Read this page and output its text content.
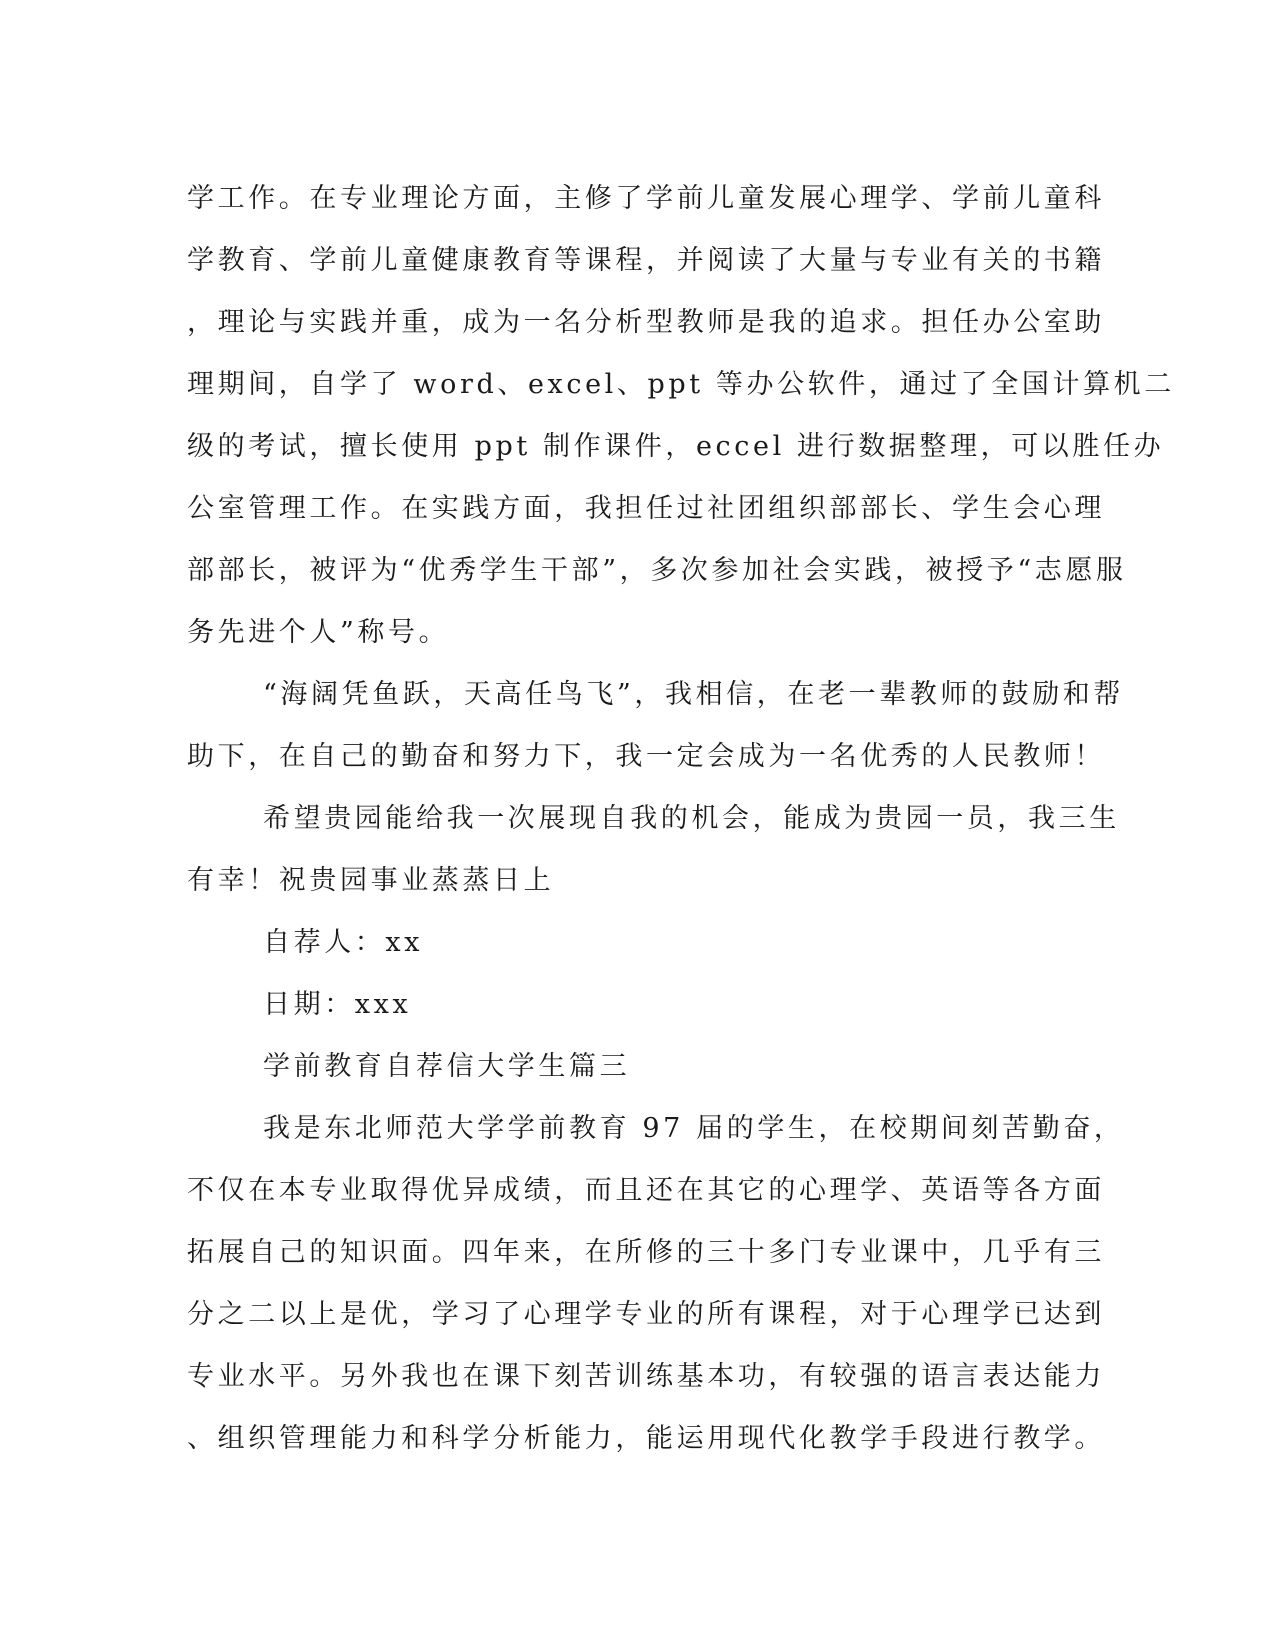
学工作。在专业理论方面，主修了学前儿童发展心理学、学前儿童科
学教育、学前儿童健康教育等课程，并阅读了大量与专业有关的书籍
，理论与实践并重，成为一名分析型教师是我的追求。担任办公室助
理期间，自学了 word、excel、ppt 等办公软件，通过了全国计算机二
级的考试，擅长使用 ppt 制作课件，eccel 进行数据整理，可以胜任办
公室管理工作。在实践方面，我担任过社团组织部部长、学生会心理
部部长，被评为“优秀学生干部”，多次参加社会实践，被授予“志愿服
务先进个人”称号。
“海阔凭鱼跃，天高任鸟飞”，我相信，在老一辈教师的鼓励和帮
助下，在自己的勤奋和努力下，我一定会成为一名优秀的人民教师！
希望贵园能给我一次展现自我的机会，能成为贵园一员，我三生
有幸！祝贵园事业蒸蒸日上
自荐人：xx
日期：xxx
学前教育自荐信大学生篇三
我是东北师范大学学前教育 97 届的学生，在校期间刻苦勤奋，
不仅在本专业取得优异成绩，而且还在其它的心理学、英语等各方面
拓展自己的知识面。四年来，在所修的三十多门专业课中，几乎有三
分之二以上是优，学习了心理学专业的所有课程，对于心理学已达到
专业水平。另外我也在课下刻苦训练基本功，有较强的语言表达能力
、组织管理能力和科学分析能力，能运用现代化教学手段进行教学。
